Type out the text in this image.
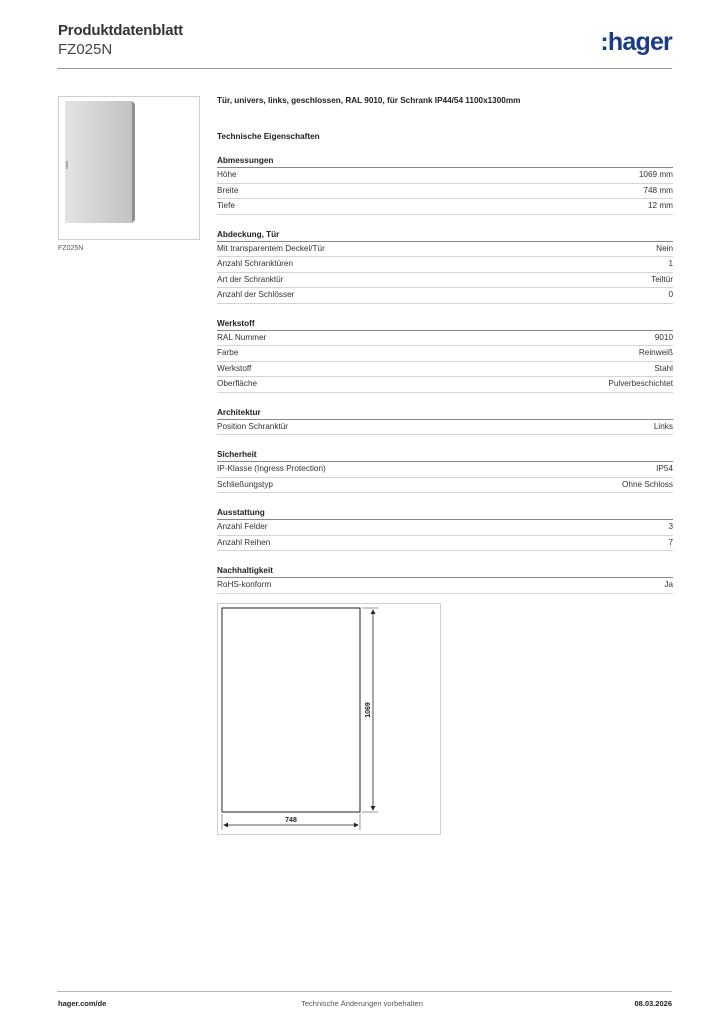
Produktdatenblatt
FZ025N	:hager
FZ025N
Tür, univers, links, geschlossen, RAL 9010, für Schrank IP44/54 1100x1300mm
Technische Eigenschaften
Abmessungen
Höhe	1069 mm
Breite	748 mm
Tiefe	12 mm
Abdeckung, Tür
Mit transparentem Deckel/Tür	Nein
Anzahl Schranktüren	1
Art der Schranktür	Teiltür
Anzahl der Schlösser	0
Werkstoff
RAL Nummer	9010
Farbe	Reinweiß
Werkstoff	Stahl
Oberfläche	Pulverbeschichtet
Architektur
Position Schranktür	Links
Sicherheit
IP-Klasse (Ingress Protection)	IP54
Schließungstyp	Ohne Schloss
Ausstattung
Anzahl Felder	3
Anzahl Reihen	7
Nachhaltigkeit
RoHS-konform	Ja
1069
748
hager.com/de	Technische Änderungen vorbehalten	08.03.2026
